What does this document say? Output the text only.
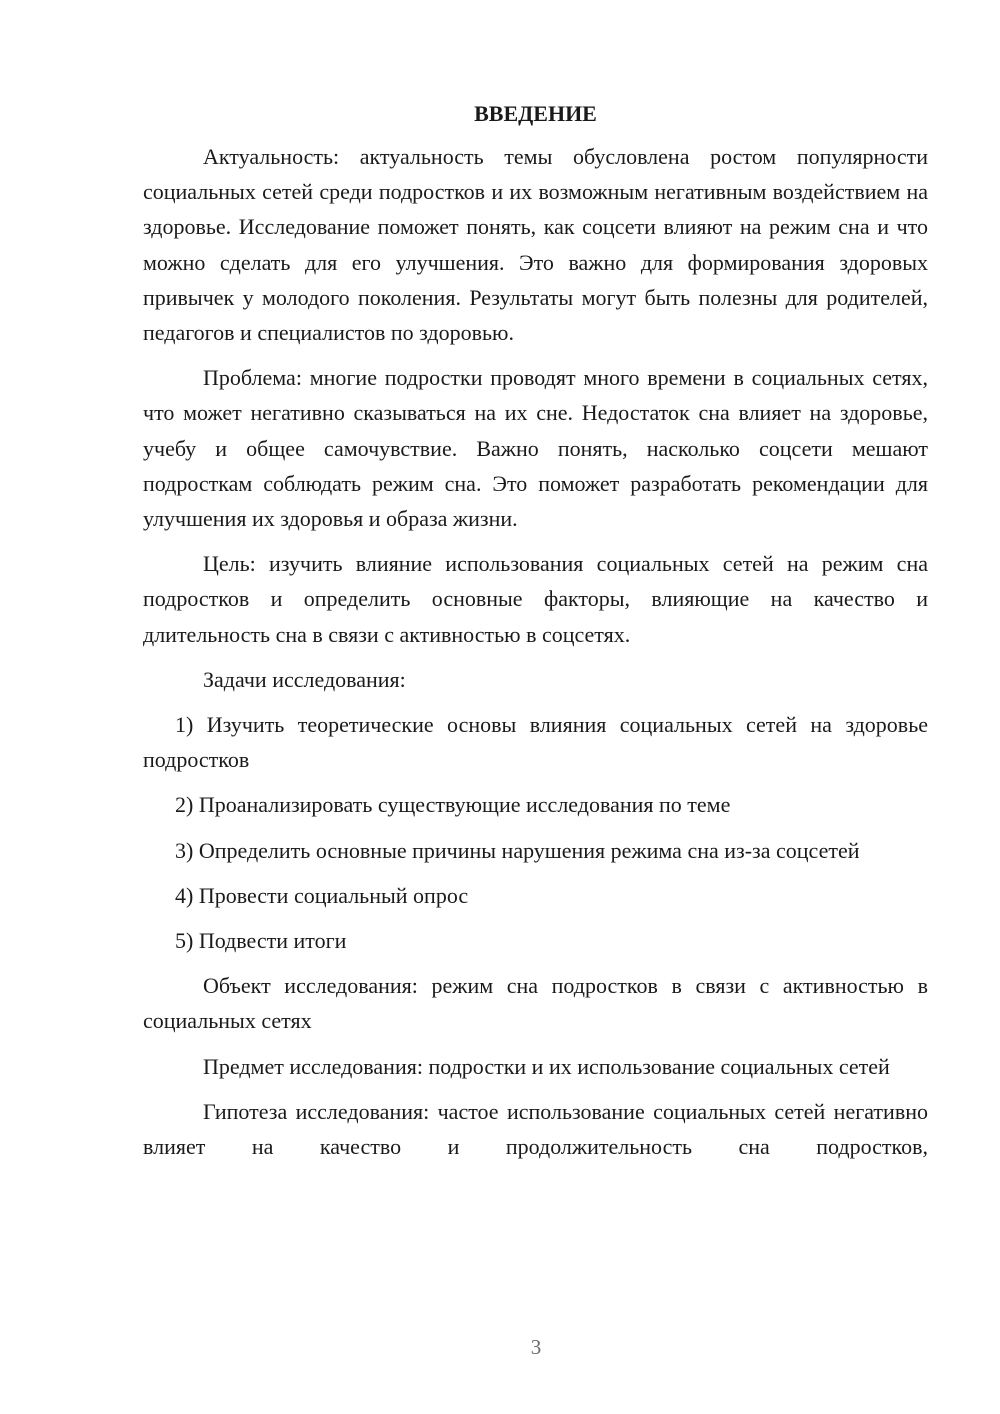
ВВЕДЕНИЕ

Актуальность: актуальность темы обусловлена ростом популярности социальных сетей среди подростков и их возможным негативным воздействием на здоровье. Исследование поможет понять, как соцсети влияют на режим сна и что можно сделать для его улучшения. Это важно для формирования здоровых привычек у молодого поколения. Результаты могут быть полезны для родителей, педагогов и специалистов по здоровью.

Проблема: многие подростки проводят много времени в социальных сетях, что может негативно сказываться на их сне. Недостаток сна влияет на здоровье, учебу и общее самочувствие. Важно понять, насколько соцсети мешают подросткам соблюдать режим сна. Это поможет разработать рекомендации для улучшения их здоровья и образа жизни.

Цель: изучить влияние использования социальных сетей на режим сна подростков и определить основные факторы, влияющие на качество и длительность сна в связи с активностью в соцсетях.

Задачи исследования:

1) Изучить теоретические основы влияния социальных сетей на здоровье подростков

2) Проанализировать существующие исследования по теме

3) Определить основные причины нарушения режима сна из-за соцсетей

4) Провести социальный опрос

5) Подвести итоги

Объект исследования: режим сна подростков в связи с активностью в социальных сетях

Предмет исследования: подростки и их использование социальных сетей

Гипотеза исследования: частое использование социальных сетей негативно влияет на качество и продолжительность сна подростков,

3
